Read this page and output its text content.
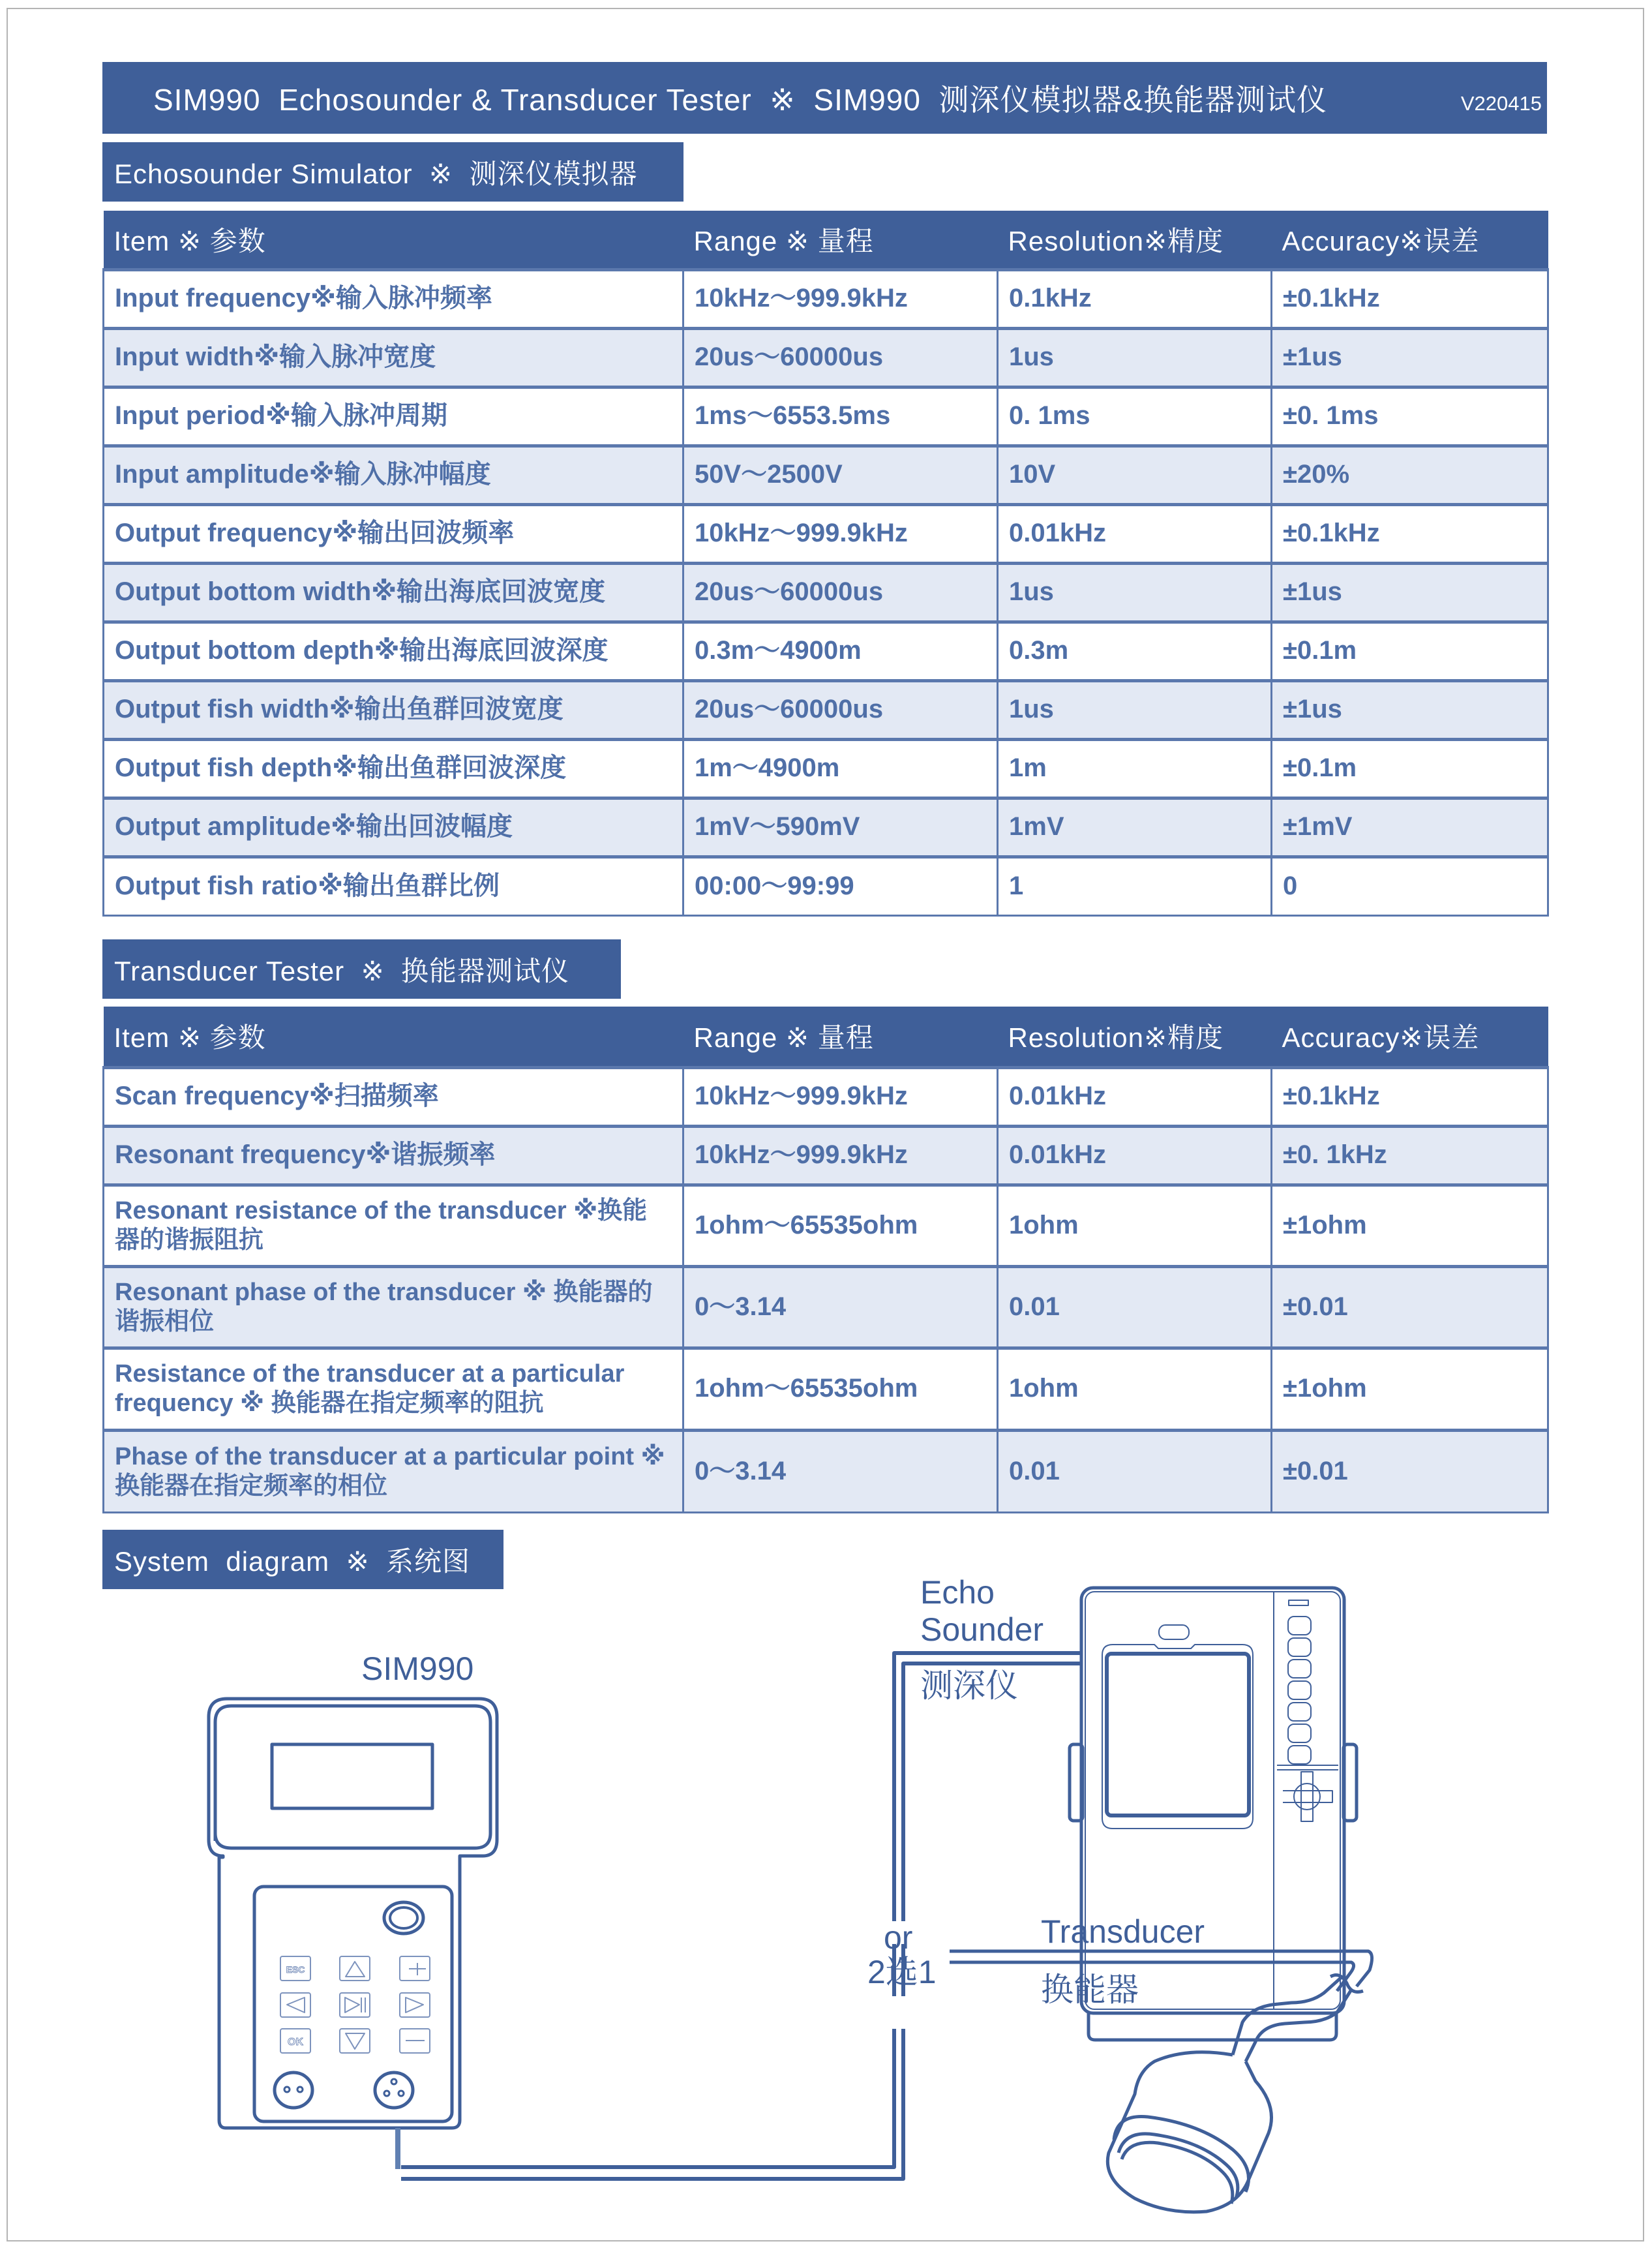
SIM990  Echosounder & Transducer Tester  ※  SIM990  测深仪模拟器&换能器测试仪	V220415
Echosounder Simulator  ※  测深仪模拟器
Item ※ 参数	Range ※ 量程	Resolution※精度	Accuracy※误差
Input frequency※输入脉冲频率	10kHz～999.9kHz	0.1kHz	±0.1kHz
Input width※输入脉冲宽度	20us～60000us	1us	±1us
Input period※输入脉冲周期	1ms～6553.5ms	0. 1ms	±0. 1ms
Input amplitude※输入脉冲幅度	50V～2500V	10V	±20%
Output frequency※输出回波频率	10kHz～999.9kHz	0.01kHz	±0.1kHz
Output bottom width※输出海底回波宽度	20us～60000us	1us	±1us
Output bottom depth※输出海底回波深度	0.3m～4900m	0.3m	±0.1m
Output fish width※输出鱼群回波宽度	20us～60000us	1us	±1us
Output fish depth※输出鱼群回波深度	1m～4900m	1m	±0.1m
Output amplitude※输出回波幅度	1mV～590mV	1mV	±1mV
Output fish ratio※输出鱼群比例	00:00～99:99	1	0
Transducer Tester  ※  换能器测试仪
Item ※ 参数	Range ※ 量程	Resolution※精度	Accuracy※误差
Scan frequency※扫描频率	10kHz～999.9kHz	0.01kHz	±0.1kHz
Resonant frequency※谐振频率	10kHz～999.9kHz	0.01kHz	±0. 1kHz
Resonant resistance of the transducer ※换能器的谐振阻抗	1ohm～65535ohm	1ohm	±1ohm
Resonant phase of the transducer ※ 换能器的谐振相位	0～3.14	0.01	±0.01
Resistance of the transducer at a particular frequency ※ 换能器在指定频率的阻抗	1ohm～65535ohm	1ohm	±1ohm
Phase of the transducer at a particular point ※ 换能器在指定频率的相位	0～3.14	0.01	±0.01
System  diagram  ※  系统图
ESC
OK
SIM990
Echo
Sounder
测深仪
or
2选1
Transducer
换能器
